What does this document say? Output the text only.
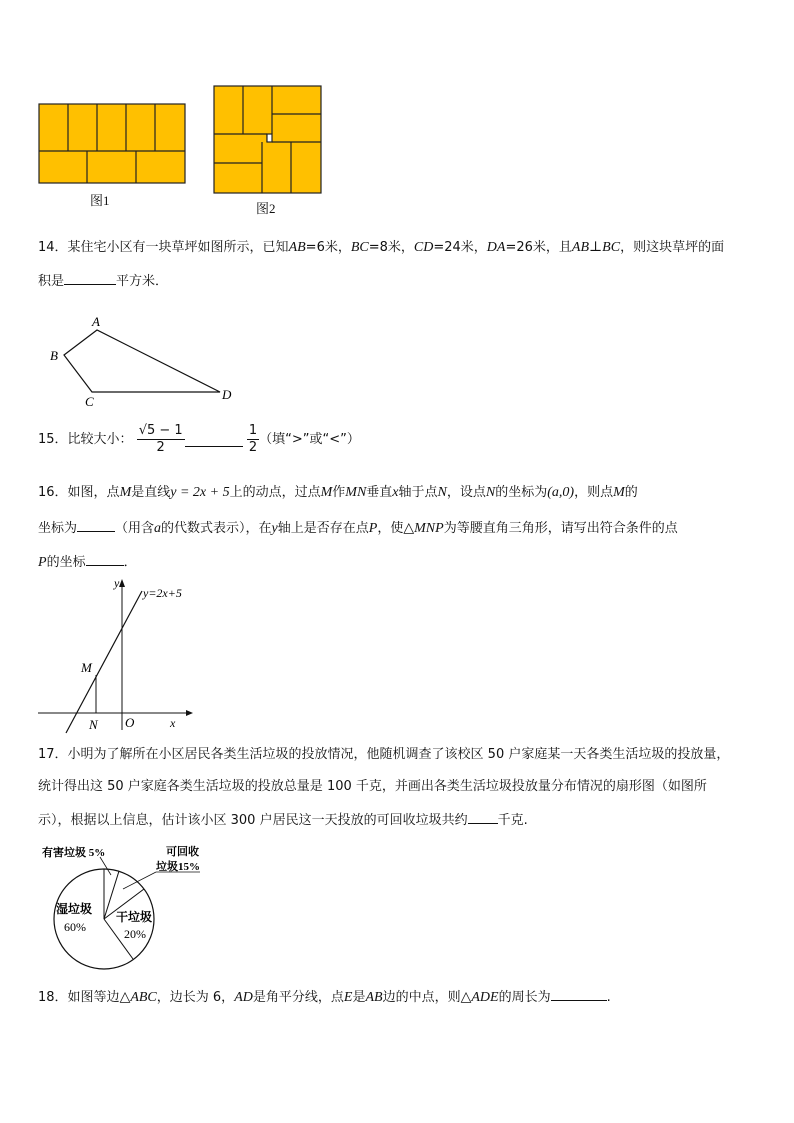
图1
图2
14．某住宅小区有一块草坪如图所示，已知AB=6米，BC=8米，CD=24米，DA=26米，且AB⊥BC，则这块草坪的面
积是	平方米．
A
B
C	D
15．比较大小： $\frac{√5 - 1}{2}$
	$\frac{1}{2}$ （填“>”或“<”）
16．如图，点M是直线y = 2x + 5上的动点，过点M作MN垂直x轴于点N，设点N的坐标为(a,0)，则点M的
坐标为	（用含a的代数式表示），在y轴上是否存在点P，使△MNP为等腰直角三角形，请写出符合条件的点
P的坐标	．
y
y=2x+5
M
N O	x
17．小明为了解所在小区居民各类生活垃圾的投放情况，他随机调查了该校区 50 户家庭某一天各类生活垃圾的投放量，
统计得出这 50 户家庭各类生活垃圾的投放总量是 100 千克，并画出各类生活垃圾投放量分布情况的扇形图（如图所
示），根据以上信息，估计该小区 300 户居民这一天投放的可回收垃圾共约 千克.
有害垃圾 5%	可回收
垃圾15%
湿垃圾
60%
干垃圾
20%
18．如图等边△ABC，边长为 6，AD是角平分线，点E是AB边的中点，则△ADE的周长为	.
